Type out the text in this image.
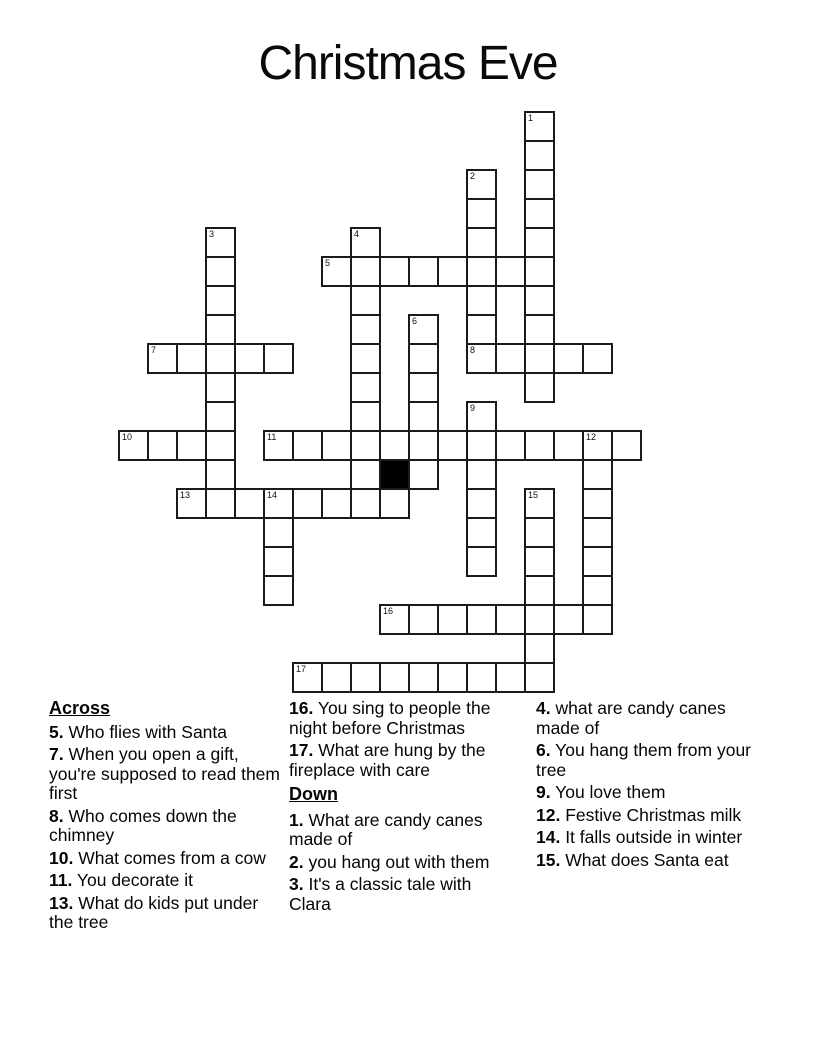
Christmas Eve
1
2
3	4
5
6
7	8
9
10	11	12
13	14	15
16
17
Across

5. Who flies with Santa

7. When you open a gift, you're supposed to read them first

8. Who comes down the chimney

10. What comes from a cow

11. You decorate it

13. What do kids put under the tree

16. You sing to people the night before Christmas

17. What are hung by the fireplace with care

Down

1. What are candy canes made of

2. you hang out with them

3. It's a classic tale with Clara

4. what are candy canes made of

6. You hang them from your tree

9. You love them

12. Festive Christmas milk

14. It falls outside in winter

15. What does Santa eat
